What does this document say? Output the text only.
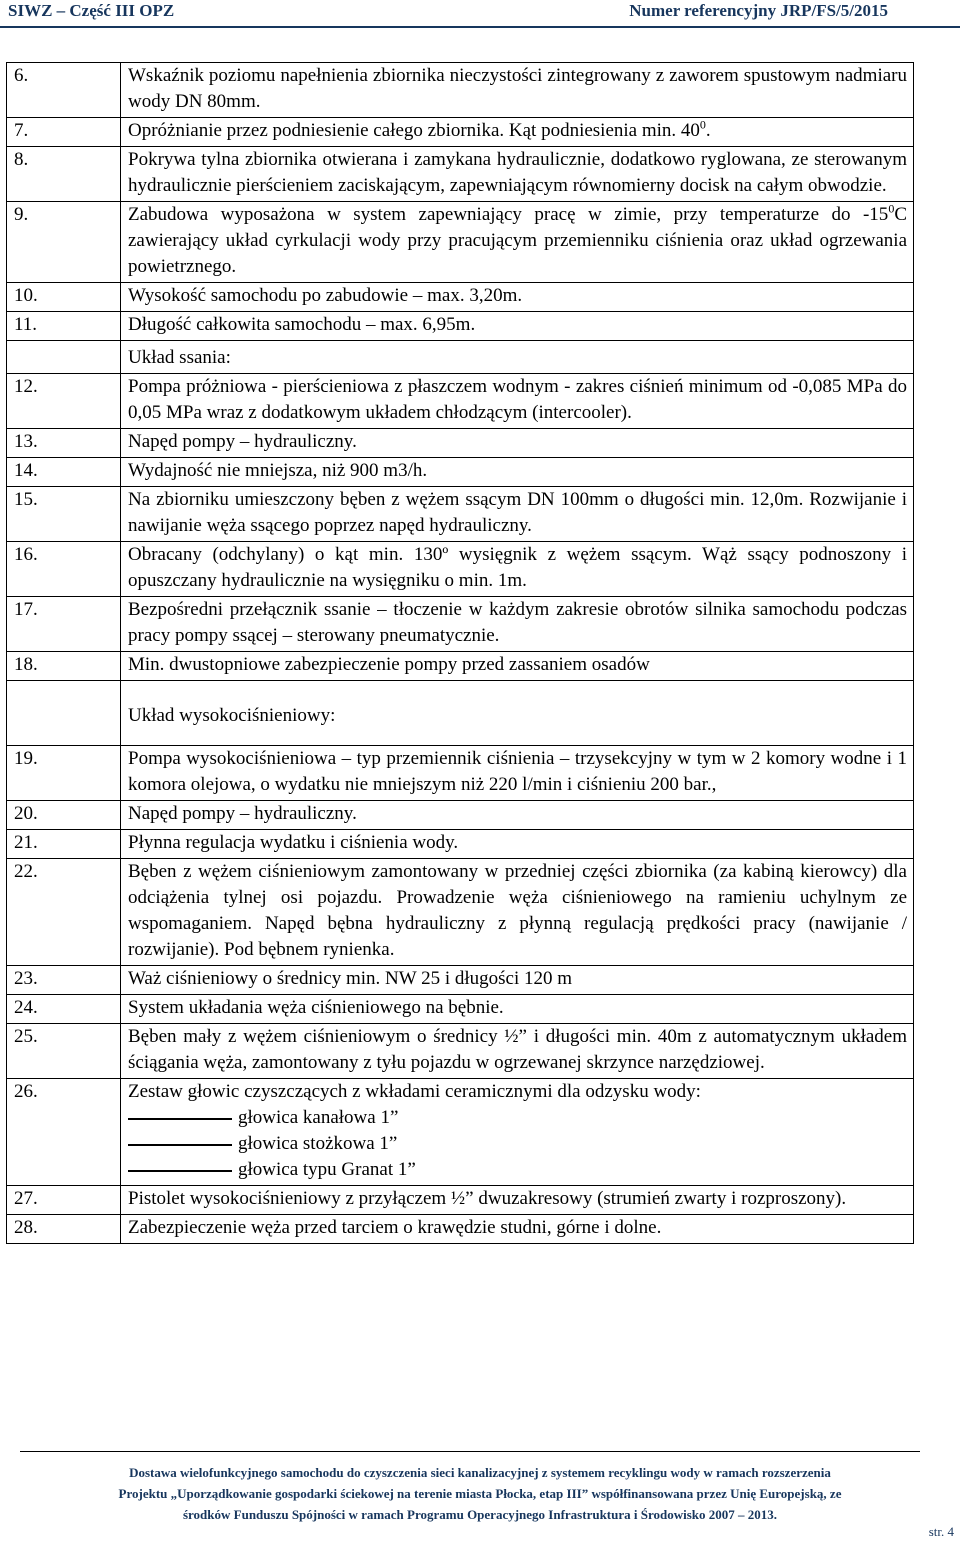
SIWZ – Część III OPZ	Numer referencyjny JRP/FS/5/2015
6.	Wskaźnik poziomu napełnienia zbiornika nieczystości zintegrowany z zaworem spustowym nadmiaru wody DN 80mm.
7.	Opróżnianie przez podniesienie całego zbiornika. Kąt podniesienia min. $40^0$.
8.	Pokrywa tylna zbiornika otwierana i zamykana hydraulicznie, dodatkowo ryglowana, ze sterowanym hydraulicznie pierścieniem zaciskającym, zapewniającym równomierny docisk na całym obwodzie.
9.	Zabudowa wyposażona w system zapewniający pracę w zimie, przy temperaturze do $-15^0C$ zawierający układ cyrkulacji wody przy pracującym przemienniku ciśnienia oraz układ ogrzewania powietrznego.
10.	Wysokość samochodu po zabudowie – max. 3,20m.
11.	Długość całkowita samochodu – max. 6,95m.
	Układ ssania:
12.	Pompa próżniowa - pierścieniowa z płaszczem wodnym - zakres ciśnień minimum od -0,085 MPa do 0,05 MPa wraz z dodatkowym układem chłodzącym (intercooler).
13.	Napęd pompy – hydrauliczny.
14.	Wydajność nie mniejsza, niż 900 m3/h.
15.	Na zbiorniku umieszczony bęben z wężem ssącym DN 100mm o długości min. 12,0m. Rozwijanie i nawijanie węża ssącego poprzez napęd hydrauliczny.
16.	Obracany (odchylany) o kąt min. 130º wysięgnik z wężem ssącym. Wąż ssący podnoszony i opuszczany hydraulicznie na wysięgniku o min. 1m.
17.	Bezpośredni przełącznik ssanie – tłoczenie w każdym zakresie obrotów silnika samochodu podczas pracy pompy ssącej – sterowany pneumatycznie.
18.	Min. dwustopniowe zabezpieczenie pompy przed zassaniem osadów
	Układ wysokociśnieniowy:
19.	Pompa wysokociśnieniowa – typ przemiennik ciśnienia – trzysekcyjny w tym w 2 komory wodne i 1 komora olejowa, o wydatku nie mniejszym niż 220 l/min i ciśnieniu 200 bar.,
20.	Napęd pompy – hydrauliczny.
21.	Płynna regulacja wydatku i ciśnienia wody.
22.	Bęben z wężem ciśnieniowym zamontowany w przedniej części zbiornika (za kabiną kierowcy) dla odciążenia tylnej osi pojazdu. Prowadzenie węża ciśnieniowego na ramieniu uchylnym ze wspomaganiem. Napęd bębna hydrauliczny z płynną regulacją prędkości pracy (nawijanie / rozwijanie). Pod bębnem rynienka.
23.	Waż ciśnieniowy o średnicy min. NW 25 i długości 120 m
24.	System układania węża ciśnieniowego na bębnie.
25.	Bęben mały z wężem ciśnieniowym o średnicy ½” i długości min. 40m z automatycznym układem ściągania węża, zamontowany z tyłu pojazdu w ogrzewanej skrzynce narzędziowej.
26.	Zestaw głowic czyszczących z wkładami ceramicznymi dla odzysku wody:
głowica kanałowa 1”
głowica stożkowa 1”
głowica typu Granat 1”

27.	Pistolet wysokociśnieniowy z przyłączem ½” dwuzakresowy (strumień zwarty i rozproszony).
28.	Zabezpieczenie węża przed tarciem o krawędzie studni, górne i dolne.
Dostawa wielofunkcyjnego samochodu do czyszczenia sieci kanalizacyjnej z systemem recyklingu wody w ramach rozszerzenia
Projektu „Uporządkowanie gospodarki ściekowej na terenie miasta Płocka, etap III” współfinansowana przez Unię Europejską, ze
środków Funduszu Spójności w ramach Programu Operacyjnego Infrastruktura i Środowisko 2007 – 2013.
str. 4
